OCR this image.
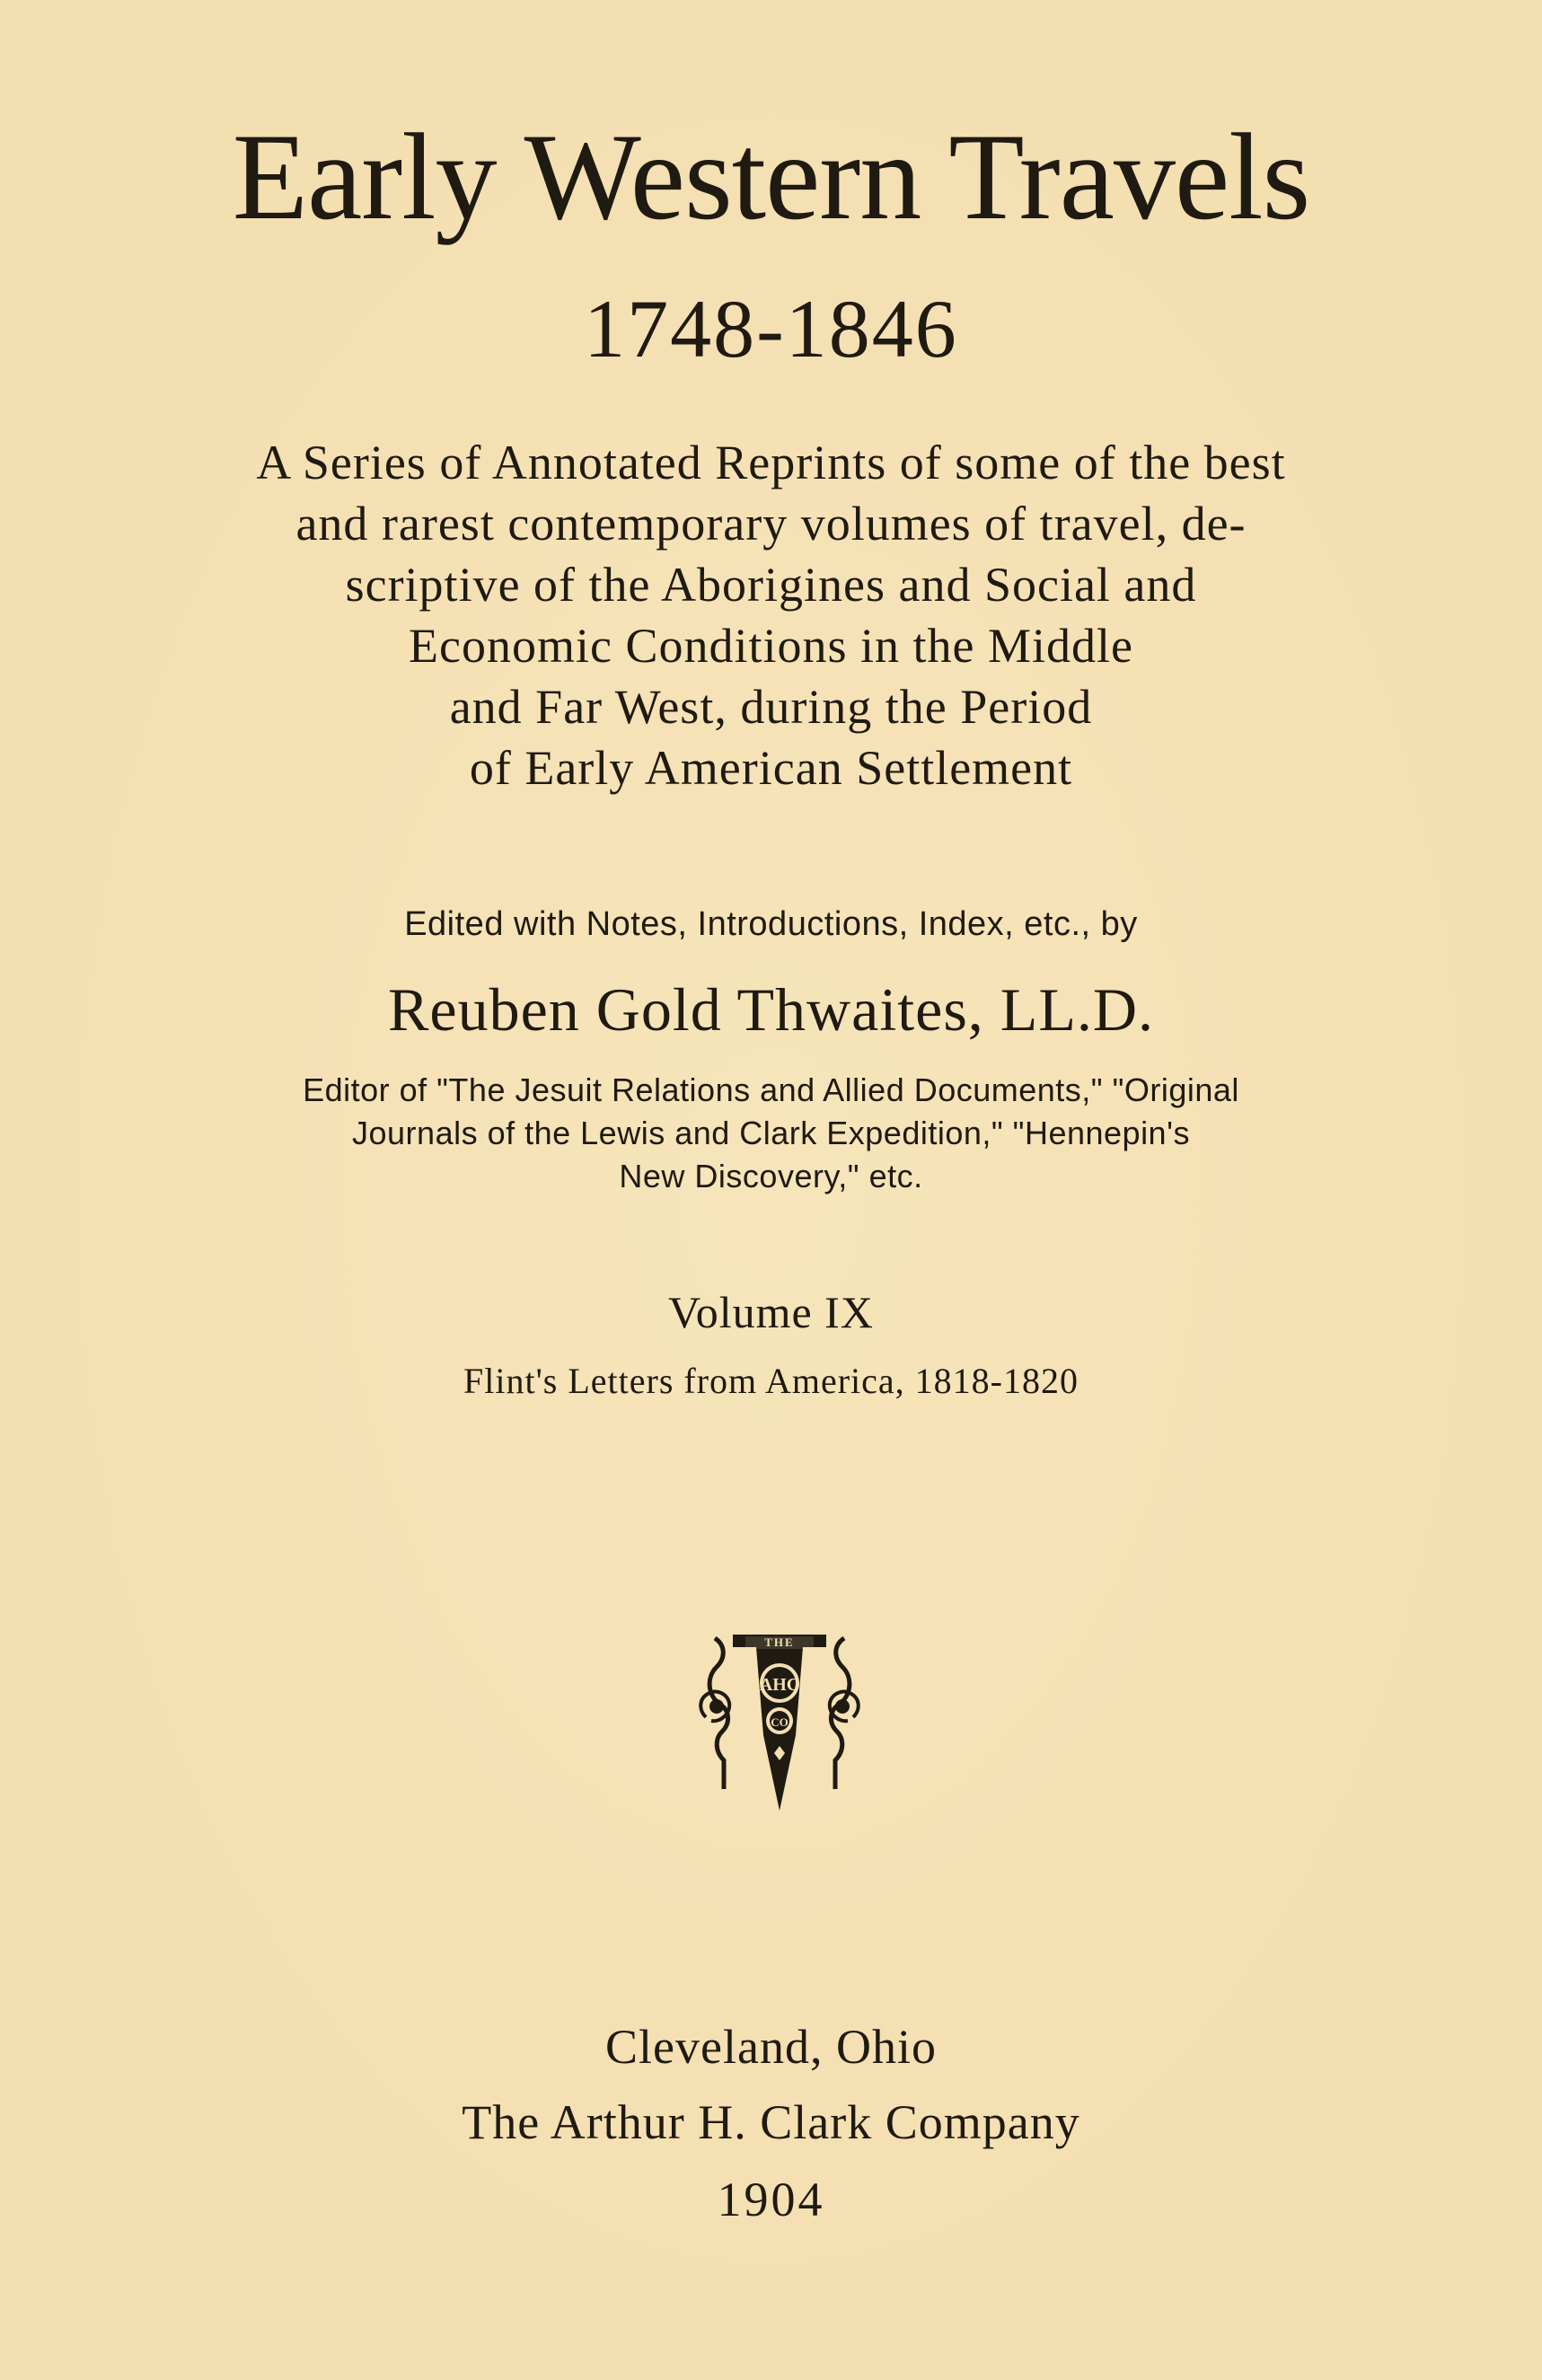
Early Western Travels
1748-1846
A Series of Annotated Reprints of some of the best
and rarest contemporary volumes of travel, de-
scriptive of the Aborigines and Social and
Economic Conditions in the Middle
and Far West, during the Period
of Early American Settlement
Edited with Notes, Introductions, Index, etc., by
Reuben Gold Thwaites, LL.D.
Editor of "The Jesuit Relations and Allied Documents," "Original
Journals of the Lewis and Clark Expedition," "Hennepin's
New Discovery," etc.
Volume IX
Flint's Letters from America, 1818-1820
THE
AHC
CO
Cleveland, Ohio
The Arthur H. Clark Company
1904
